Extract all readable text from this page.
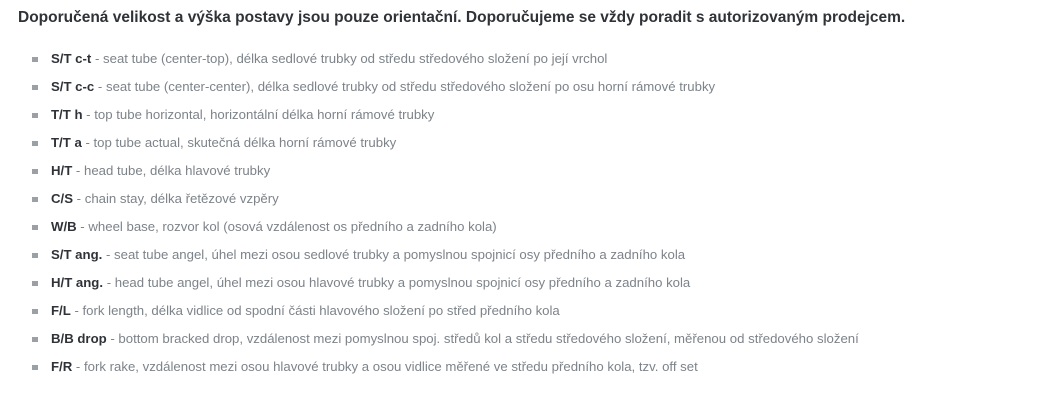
Doporučená velikost a výška postavy jsou pouze orientační. Doporučujeme se vždy poradit s autorizovaným prodejcem.

S/T c-t - seat tube (center-top), délka sedlové trubky od středu středového složení po její vrchol
S/T c-c - seat tube (center-center), délka sedlové trubky od středu středového složení po osu horní rámové trubky
T/T h - top tube horizontal, horizontální délka horní rámové trubky
T/T a - top tube actual, skutečná délka horní rámové trubky
H/T - head tube, délka hlavové trubky
C/S - chain stay, délka řetězové vzpěry
W/B - wheel base, rozvor kol (osová vzdálenost os předního a zadního kola)
S/T ang. - seat tube angel, úhel mezi osou sedlové trubky a pomyslnou spojnicí osy předního a zadního kola
H/T ang. - head tube angel, úhel mezi osou hlavové trubky a pomyslnou spojnicí osy předního a zadního kola
F/L - fork length, délka vidlice od spodní části hlavového složení po střed předního kola
B/B drop - bottom bracked drop, vzdálenost mezi pomyslnou spoj. středů kol a středu středového složení, měřenou od středového složení
F/R - fork rake, vzdálenost mezi osou hlavové trubky a osou vidlice měřené ve středu předního kola, tzv. off set
